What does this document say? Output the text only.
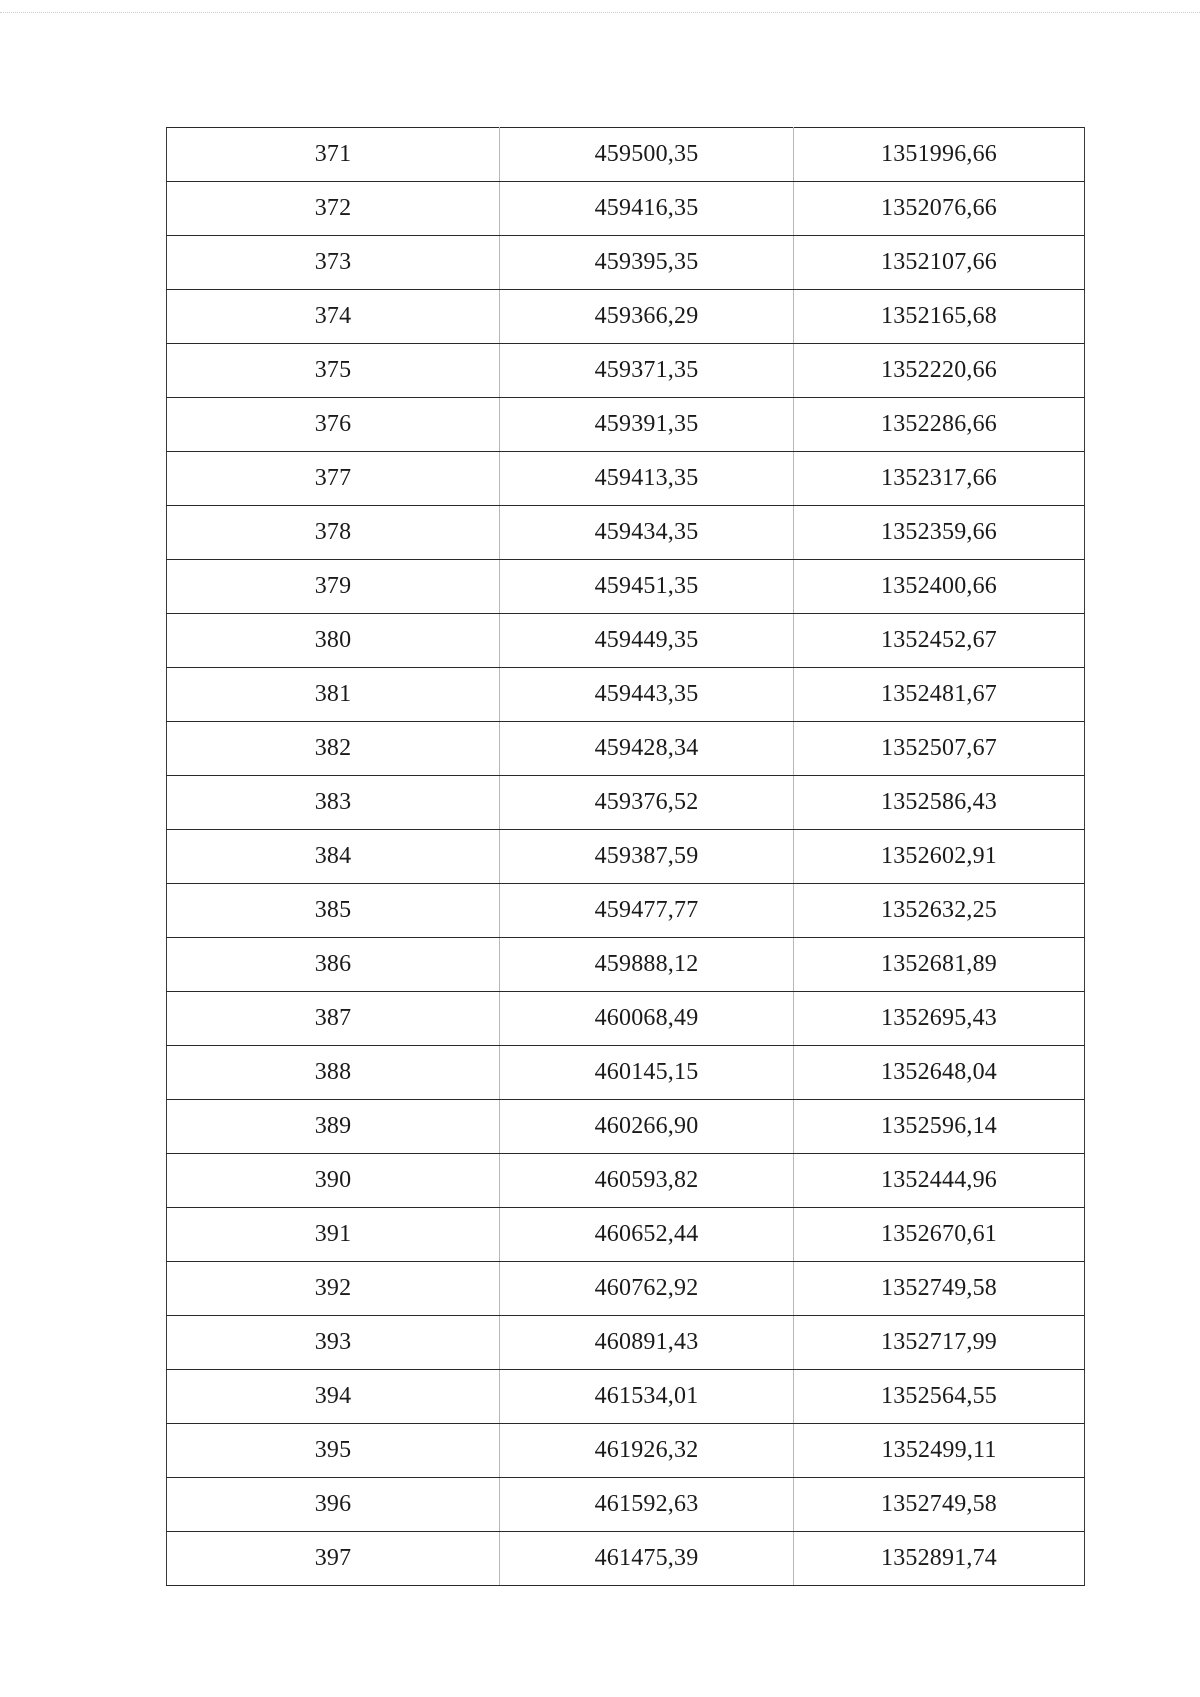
371	459500,35	1351996,66
372	459416,35	1352076,66
373	459395,35	1352107,66
374	459366,29	1352165,68
375	459371,35	1352220,66
376	459391,35	1352286,66
377	459413,35	1352317,66
378	459434,35	1352359,66
379	459451,35	1352400,66
380	459449,35	1352452,67
381	459443,35	1352481,67
382	459428,34	1352507,67
383	459376,52	1352586,43
384	459387,59	1352602,91
385	459477,77	1352632,25
386	459888,12	1352681,89
387	460068,49	1352695,43
388	460145,15	1352648,04
389	460266,90	1352596,14
390	460593,82	1352444,96
391	460652,44	1352670,61
392	460762,92	1352749,58
393	460891,43	1352717,99
394	461534,01	1352564,55
395	461926,32	1352499,11
396	461592,63	1352749,58
397	461475,39	1352891,74
